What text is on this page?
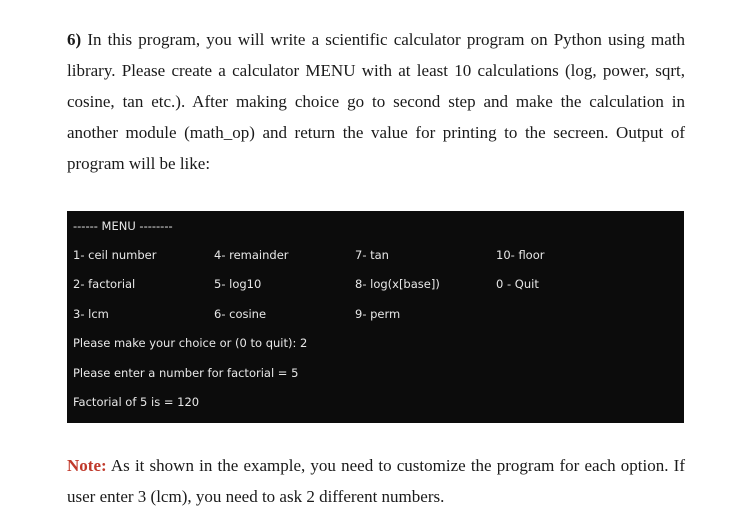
6) In this program, you will write a scientific calculator program on Python using math library. Please create a calculator MENU with at least 10 calculations (log, power, sqrt, cosine, tan etc.). After making choice go to second step and make the calculation in another module (math_op) and return the value for printing to the secreen. Output of program will be like:
------ MENU --------
1- ceil number	4- remainder	7- tan	10- floor
2- factorial	5- log10	8- log(x[base])	0 - Quit
3- lcm	6- cosine	9- perm
Please make your choice or (0 to quit): 2
Please enter a number for factorial = 5
Factorial of 5 is = 120
Note: As it shown in the example, you need to customize the program for each option. If user enter 3 (lcm), you need to ask 2 different numbers.
